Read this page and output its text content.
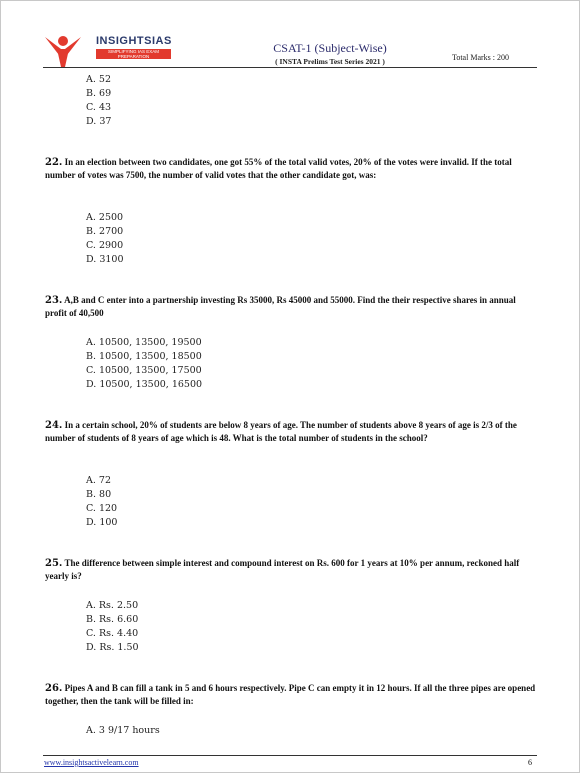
INSIGHTSIAS
SIMPLIFYING IAS EXAM PREPARATION
CSAT-1 (Subject-Wise)
( INSTA Prelims Test Series 2021 )	Total Marks : 200
A. 52
B. 69
C. 43
D. 37
22. In an election between two candidates, one got 55% of the total valid votes, 20% of the votes were invalid. If the total number of votes was 7500, the number of valid votes that the other candidate got, was:
A. 2500
B. 2700
C. 2900
D. 3100
23. A,B and C enter into a partnership investing Rs 35000, Rs 45000 and 55000. Find the their respective shares in annual profit of 40,500
A. 10500, 13500, 19500
B. 10500, 13500, 18500
C. 10500, 13500, 17500
D. 10500, 13500, 16500
24. In a certain school, 20% of students are below 8 years of age. The number of students above 8 years of age is 2/3 of the number of students of 8 years of age which is 48. What is the total number of students in the school?
A. 72
B. 80
C. 120
D. 100
25. The difference between simple interest and compound interest on Rs. 600 for 1 years at 10% per annum, reckoned half yearly is?
A. Rs. 2.50
B. Rs. 6.60
C. Rs. 4.40
D. Rs. 1.50
26. Pipes A and B can fill a tank in 5 and 6 hours respectively. Pipe C can empty it in 12 hours. If all the three pipes are opened together, then the tank will be filled in:
A. 3 9/17 hours
www.insightsactivelearn.com	6
